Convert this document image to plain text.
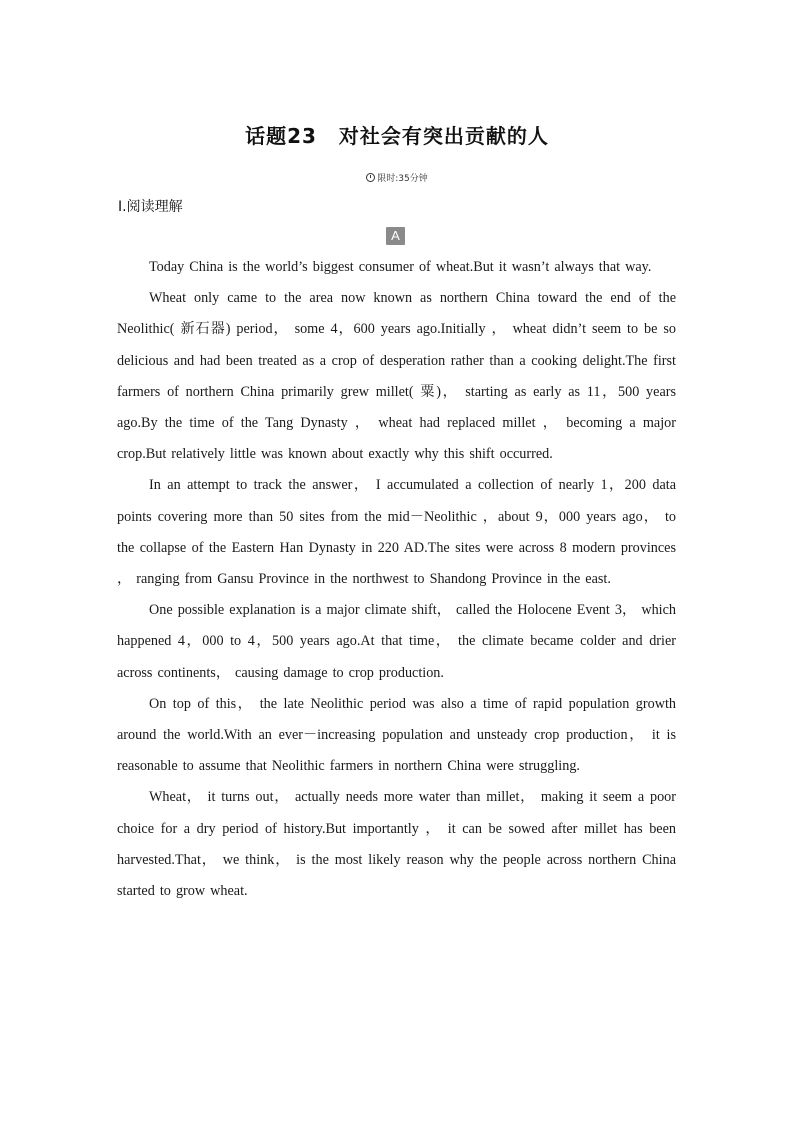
话题23 对社会有突出贡献的人
限时:35分钟
Ⅰ.阅读理解
A

Today China is the world’s biggest consumer of wheat.But it wasn’t always that way.

Wheat only came to the area now known as northern China toward the end of the Neolithic( 新石器) period， some 4，600 years ago.Initially ， wheat didn’t seem to be so delicious and had been treated as a crop of desperation rather than a cooking delight.The first farmers of northern China primarily grew millet( 粟)， starting as early as 11，500 years ago.By the time of the Tang Dynasty ， wheat had replaced millet ， becoming a major crop.But relatively little was known about exactly why this shift occurred.

In an attempt to track the answer， I accumulated a collection of nearly 1，200 data points covering more than 50 sites from the mid－Neolithic ，about 9，000 years ago， to the collapse of the Eastern Han Dynasty in 220 AD.The sites were across 8 modern provinces ， ranging from Gansu Province in the northwest to Shandong Province in the east.

One possible explanation is a major climate shift， called the Holocene Event 3， which happened 4，000 to 4，500 years ago.At that time， the climate became colder and drier across continents， causing damage to crop production.

On top of this， the late Neolithic period was also a time of rapid population growth around the world.With an ever－increasing population and unsteady crop production， it is reasonable to assume that Neolithic farmers in northern China were struggling.

Wheat， it turns out， actually needs more water than millet， making it seem a poor choice for a dry period of history.But importantly ， it can be sowed after millet has been harvested.That， we think， is the most likely reason why the people across northern China started to grow wheat.
